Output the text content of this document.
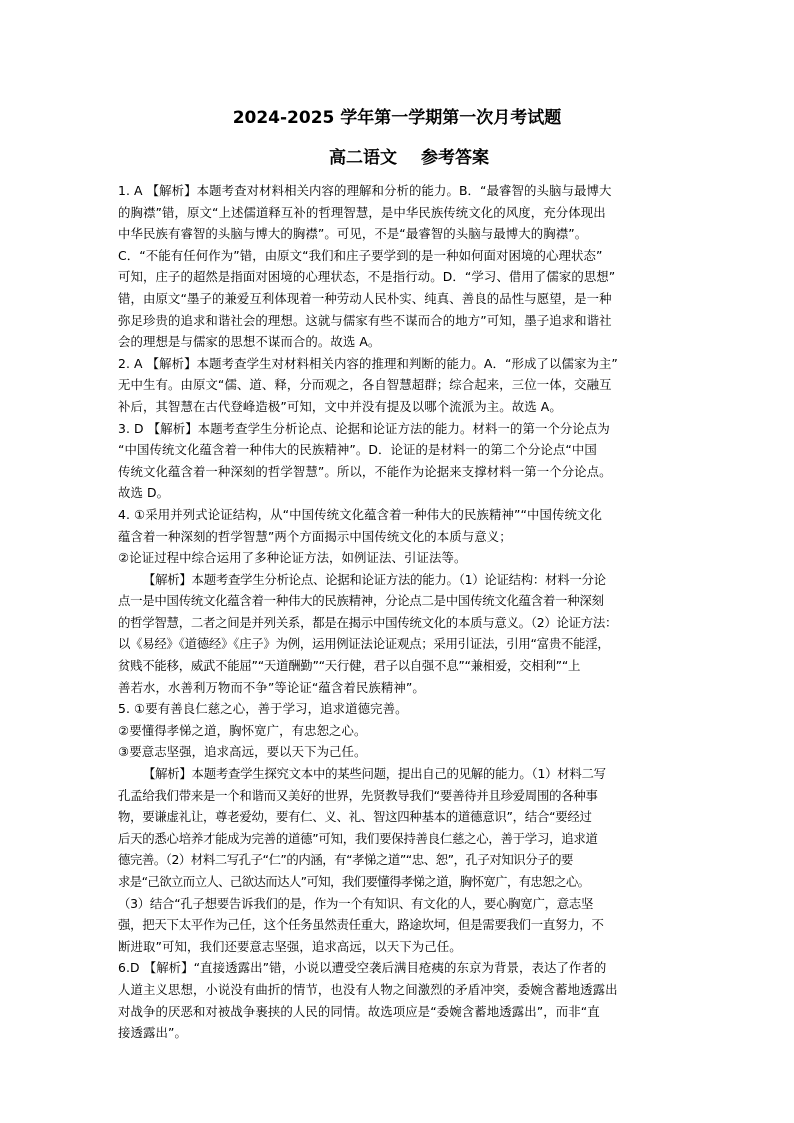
2024-2025 学年第一学期第一次月考试题
高二语文 参考答案
1. A 【解析】本题考查对材料相关内容的理解和分析的能力。B．“最睿智的头脑与最博大
的胸襟”错，原文“上述儒道释互补的哲理智慧，是中华民族传统文化的风度，充分体现出
中华民族有睿智的头脑与博大的胸襟”。可见，不是“最睿智的头脑与最博大的胸襟”。
C．“不能有任何作为”错，由原文“我们和庄子要学到的是一种如何面对困境的心理状态”
可知，庄子的超然是指面对困境的心理状态，不是指行动。D．“学习、借用了儒家的思想”
错，由原文“墨子的兼爱互利体现着一种劳动人民朴实、纯真、善良的品性与愿望，是一种
弥足珍贵的追求和谐社会的理想。这就与儒家有些不谋而合的地方”可知，墨子追求和谐社
会的理想是与儒家的思想不谋而合的。故选 A。
2. A 【解析】本题考查学生对材料相关内容的推理和判断的能力。A．“形成了以儒家为主”
无中生有。由原文“儒、道、释，分而观之，各自智慧超群；综合起来，三位一体，交融互
补后，其智慧在古代登峰造极”可知，文中并没有提及以哪个流派为主。故选 A。
3. D 【解析】本题考查学生分析论点、论据和论证方法的能力。材料一的第一个分论点为
“中国传统文化蕴含着一种伟大的民族精神”。D．论证的是材料一的第二个分论点“中国
传统文化蕴含着一种深刻的哲学智慧”。所以，不能作为论据来支撑材料一第一个分论点。
故选 D。
4. ①采用并列式论证结构，从“中国传统文化蕴含着一种伟大的民族精神”“中国传统文化
蕴含着一种深刻的哲学智慧”两个方面揭示中国传统文化的本质与意义；
②论证过程中综合运用了多种论证方法，如例证法、引证法等。
【解析】本题考查学生分析论点、论据和论证方法的能力。（1）论证结构：材料一分论
点一是中国传统文化蕴含着一种伟大的民族精神，分论点二是中国传统文化蕴含着一种深刻
的哲学智慧，二者之间是并列关系，都是在揭示中国传统文化的本质与意义。（2）论证方法：
以《易经》《道德经》《庄子》为例，运用例证法论证观点；采用引证法，引用“富贵不能淫，
贫贱不能移，威武不能屈”“天道酬勤”“天行健，君子以自强不息”“兼相爱，交相利”“上
善若水，水善利万物而不争”等论证“蕴含着民族精神”。
5. ①要有善良仁慈之心，善于学习，追求道德完善。
②要懂得孝悌之道，胸怀宽广，有忠恕之心。
③要意志坚强，追求高远，要以天下为己任。
【解析】本题考查学生探究文本中的某些问题，提出自己的见解的能力。（1）材料二写
孔孟给我们带来是一个和谐而又美好的世界，先贤教导我们“要善待并且珍爱周围的各种事
物，要谦虚礼让，尊老爱幼，要有仁、义、礼、智这四种基本的道德意识”，结合“要经过
后天的悉心培养才能成为完善的道德”可知，我们要保持善良仁慈之心，善于学习，追求道
德完善。（2）材料二写孔子“仁”的内涵，有“孝悌之道”“忠、恕”，孔子对知识分子的要
求是“己欲立而立人、己欲达而达人”可知，我们要懂得孝悌之道，胸怀宽广，有忠恕之心。
（3）结合“孔子想要告诉我们的是，作为一个有知识、有文化的人，要心胸宽广，意志坚
强，把天下太平作为己任，这个任务虽然责任重大，路途坎坷，但是需要我们一直努力，不
断进取”可知，我们还要意志坚强，追求高远，以天下为己任。
6.D 【解析】“直接透露出”错，小说以遭受空袭后满目疮痍的东京为背景，表达了作者的
人道主义思想，小说没有曲折的情节，也没有人物之间激烈的矛盾冲突，委婉含蓄地透露出
对战争的厌恶和对被战争裹挟的人民的同情。故选项应是“委婉含蓄地透露出”，而非“直
接透露出”。
